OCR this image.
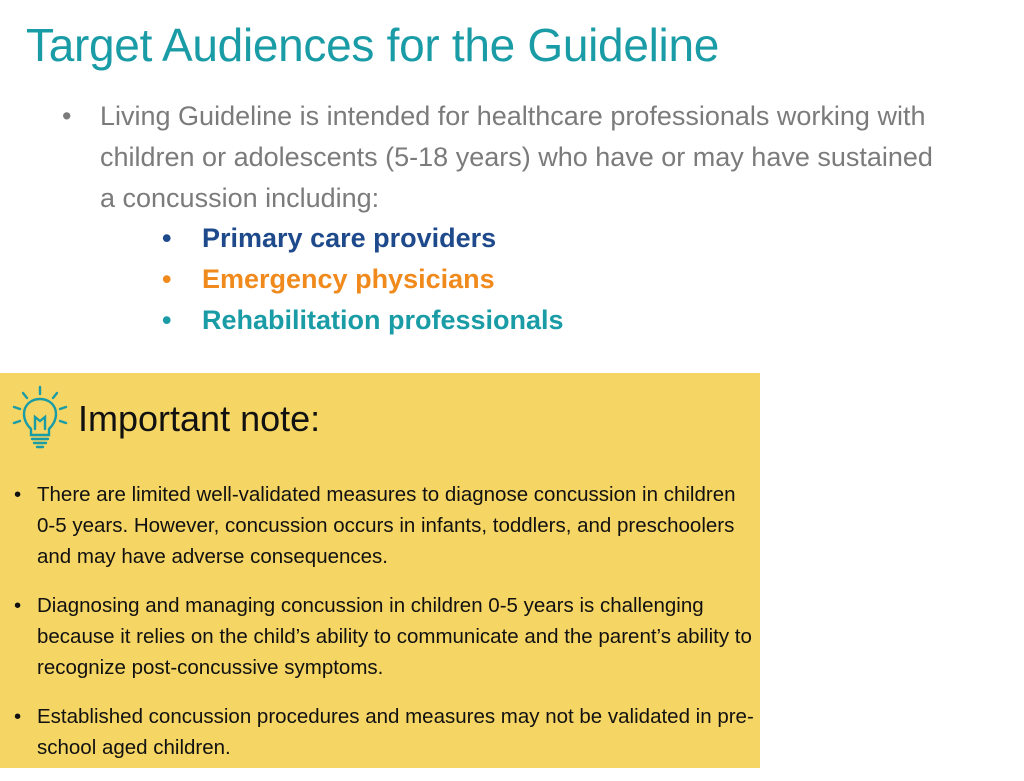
Target Audiences for the Guideline
• Living Guideline is intended for healthcare professionals working with children or adolescents (5-18 years) who have or may have sustained a concussion including:
• Primary care providers
• Emergency physicians
• Rehabilitation professionals
Important note:
• There are limited well-validated measures to diagnose concussion in children 0-5 years. However, concussion occurs in infants, toddlers, and preschoolers and may have adverse consequences.
• Diagnosing and managing concussion in children 0-5 years is challenging because it relies on the child’s ability to communicate and the parent’s ability to recognize post-concussive symptoms.
• Established concussion procedures and measures may not be validated in pre-school aged children.
